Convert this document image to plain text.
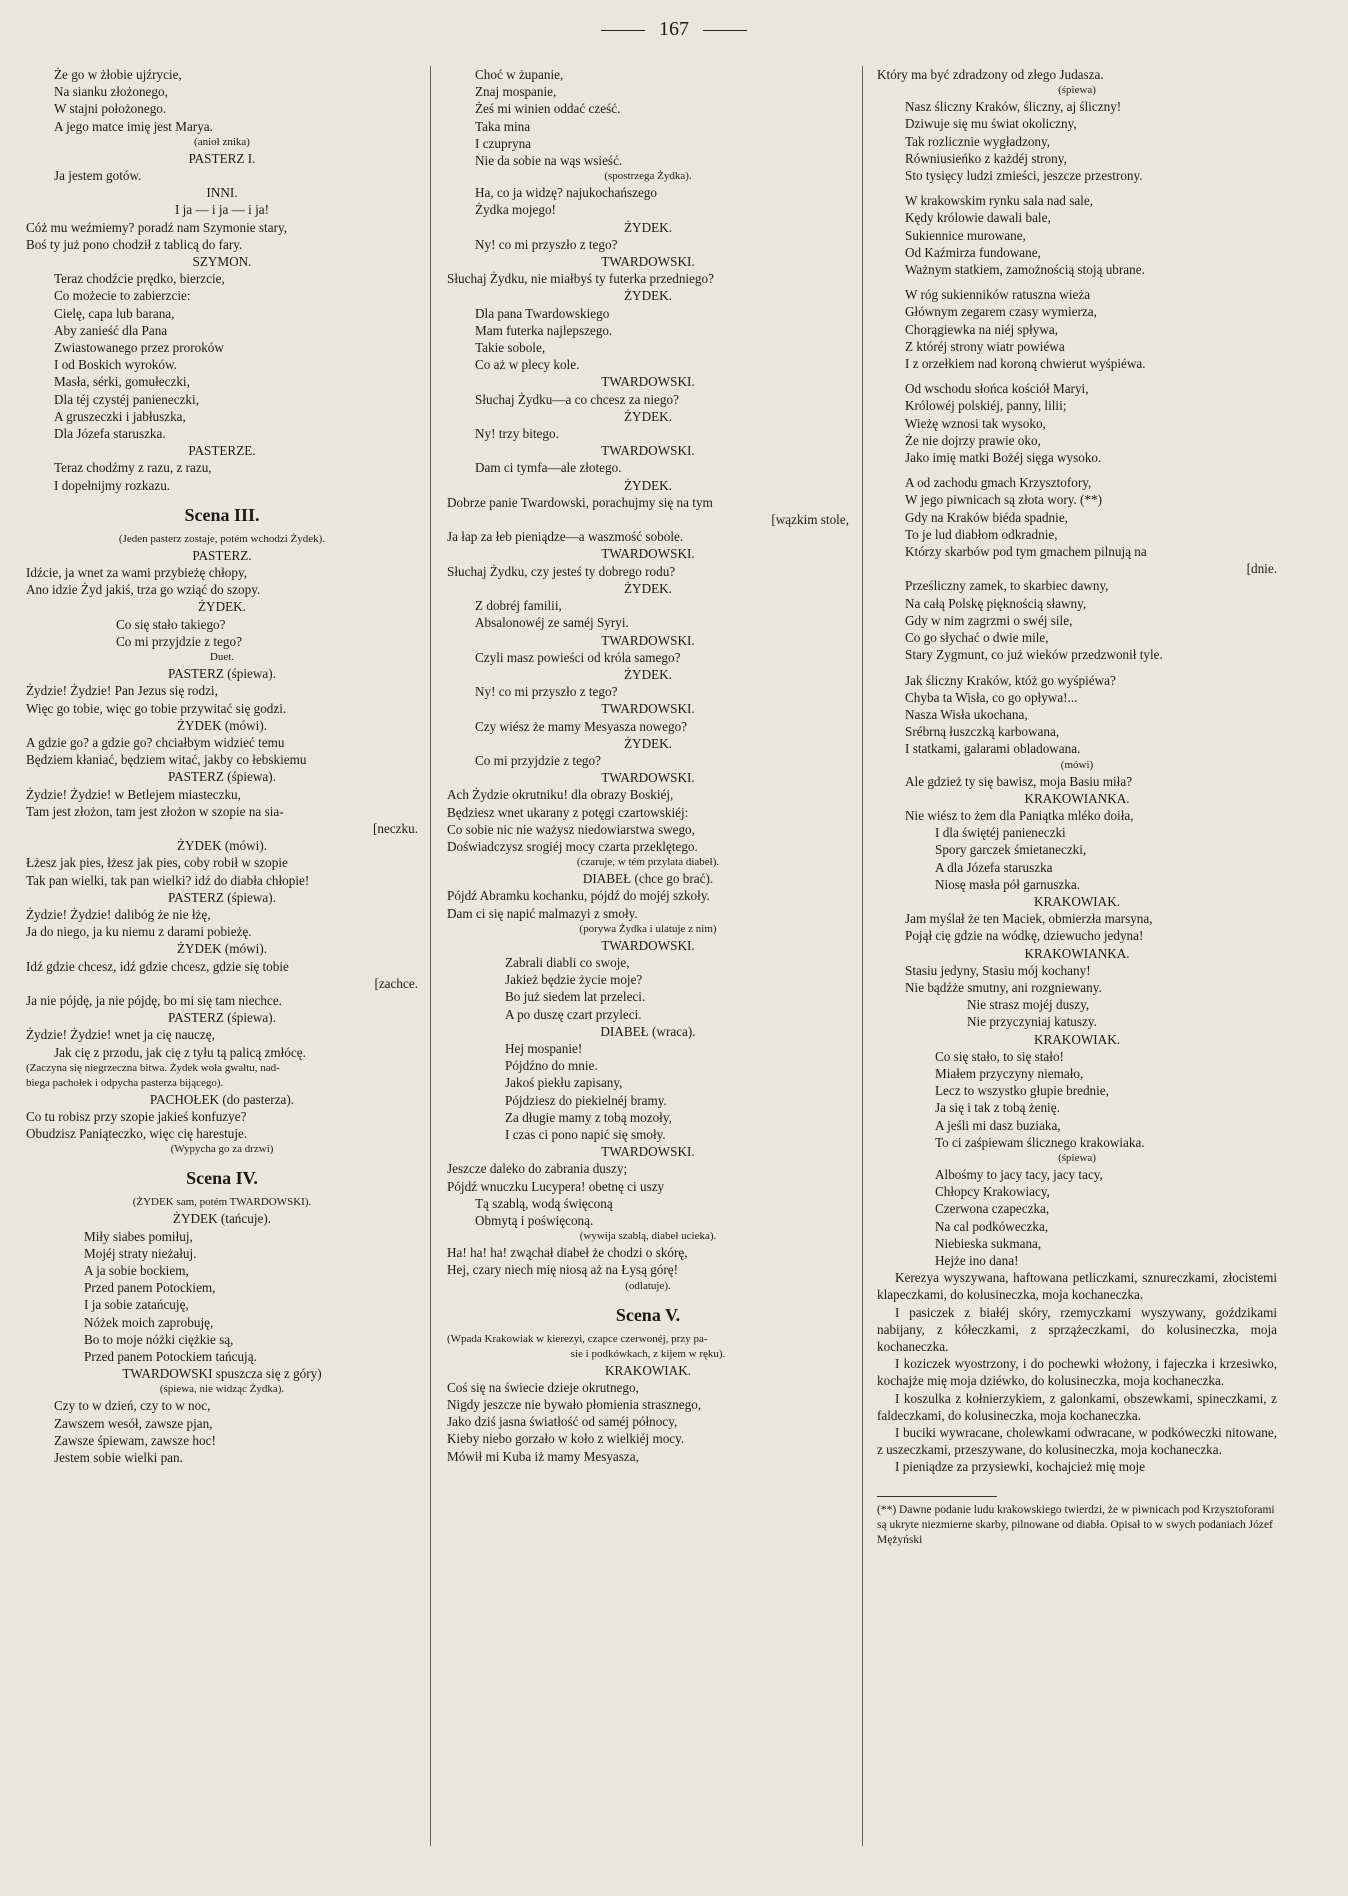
167
Że go w żłobie ujźrycie,
Na sianku złożonego,
W stajni położonego.
A jego matce imię jest Marya.
(anioł znika)
PASTERZ I.
Ja jestem gotów.
INNI.
I ja — i ja — i ja!
Cóż mu weźmiemy? poradź nam Szymonie stary,
Boś ty już pono chodził z tablicą do fary.
SZYMON.
Teraz chodźcie prędko, bierzcie,
Co możecie to zabierzcie:
Cielę, capa lub barana,
Aby zanieść dla Pana
Zwiastowanego przez proroków
I od Boskich wyroków.
Masła, sérki, gomułeczki,
Dla téj czystéj panieneczki,
A gruszeczki i jabłuszka,
Dla Józefa staruszka.
PASTERZE.
Teraz chodźmy z razu, z razu,
I dopełnijmy rozkazu.
Scena III.
(Jeden pasterz zostaje, potém wchodzi Żydek).
PASTERZ.
Idźcie, ja wnet za wami przybieżę chłopy,
Ano idzie Żyd jakiś, trza go wziąć do szopy.
ŻYDEK.
Co się stało takiego?
Co mi przyjdzie z tego?
Duet.
PASTERZ (śpiewa).
Żydzie! Żydzie! Pan Jezus się rodzi,
Więc go tobie, więc go tobie przywitać się godzi.
ŻYDEK (mówi).
A gdzie go? a gdzie go? chciałbym widzieć temu
Będziem kłaniać, będziem witać, jakby co łebskiemu
PASTERZ (śpiewa).
Żydzie! Żydzie! w Betlejem miasteczku,
Tam jest złożon, tam jest złożon w szopie na sia-
[neczku.
ŻYDEK (mówi).
Łżesz jak pies, łżesz jak pies, coby robił w szopie
Tak pan wielki, tak pan wielki? idź do diabła chłopie!
PASTERZ (śpiewa).
Żydzie! Żydzie! dalibóg że nie łżę,
Ja do niego, ja ku niemu z darami pobieżę.
ŻYDEK (mówi).
Idź gdzie chcesz, idź gdzie chcesz, gdzie się tobie
[zachce.
Ja nie pójdę, ja nie pójdę, bo mi się tam niechce.
PASTERZ (śpiewa).
Żydzie! Żydzie! wnet ja cię nauczę,
Jak cię z przodu, jak cię z tyłu tą palicą zmłócę.
(Zaczyna się niegrzeczna bitwa. Żydek woła gwałtu, nad-
biega pachołek i odpycha pasterza bijącego).
PACHOŁEK (do pasterza).
Co tu robisz przy szopie jakieś konfuzye?
Obudzisz Paniąteczko, więc cię harestuje.
(Wypycha go za drzwi)
Scena IV.
(ŻYDEK sam, potém TWARDOWSKI).
ŻYDEK (tańcuje).
Miły siabes pomiłuj,
Mojéj straty nieżałuj.
A ja sobie bockiem,
Przed panem Potockiem,
I ja sobie zatańcuję,
Nóżek moich zaprobuję,
Bo to moje nóżki ciężkie są,
Przed panem Potockiem tańcują.
TWARDOWSKI spuszcza się z góry)
(śpiewa, nie widząc Żydka).
Czy to w dzień, czy to w noc,
Zawszem wesół, zawsze pjan,
Zawsze śpiewam, zawsze hoc!
Jestem sobie wielki pan.
Choć w żupanie,
Znaj mospanie,
Żeś mi winien oddać cześć.
Taka mina
I czupryna
Nie da sobie na wąs wsieść.
(spostrzega Żydka).
Ha, co ja widzę? najukochańszego
Żydka mojego!
ŻYDEK.
Ny! co mi przyszło z tego?
TWARDOWSKI.
Słuchaj Żydku, nie miałbyś ty futerka przedniego?
ŻYDEK.
Dla pana Twardowskiego
Mam futerka najlepszego.
Takie sobole,
Co aż w plecy kole.
TWARDOWSKI.
Słuchaj Żydku—a co chcesz za niego?
ŻYDEK.
Ny! trzy bitego.
TWARDOWSKI.
Dam ci tymfa—ale złotego.
ŻYDEK.
Dobrze panie Twardowski, porachujmy się na tym
[wązkim stole,
Ja łap za łeb pieniądze—a waszmość sobole.
TWARDOWSKI.
Słuchaj Żydku, czy jesteś ty dobrego rodu?
ŻYDEK.
Z dobréj familii,
Absalonowéj ze saméj Syryi.
TWARDOWSKI.
Czyli masz powieści od króla samego?
ŻYDEK.
Ny! co mi przyszło z tego?
TWARDOWSKI.
Czy wiész że mamy Mesyasza nowego?
ŻYDEK.
Co mi przyjdzie z tego?
TWARDOWSKI.
Ach Żydzie okrutniku! dla obrazy Boskiéj,
Będziesz wnet ukarany z potęgi czartowskiéj:
Co sobie nic nie ważysz niedowiarstwa swego,
Doświadczysz srogiéj mocy czarta przeklętego.
(czaruje, w tém przylata diabeł).
DIABEŁ (chce go brać).
Pójdź Abramku kochanku, pójdź do mojéj szkoły.
Dam ci się napić malmazyi z smoły.
(porywa Żydka i ulatuje z nim)
TWARDOWSKI.
Zabrali diabli co swoje,
Jakież będzie życie moje?
Bo już siedem lat przeleci.
A po duszę czart przyleci.
DIABEŁ (wraca).
Hej mospanie!
Pójdźno do mnie.
Jakoś piekłu zapisany,
Pójdziesz do piekielnéj bramy.
Za długie mamy z tobą mozoły,
I czas ci pono napić się smoły.
TWARDOWSKI.
Jeszcze daleko do zabrania duszy;
Pójdź wnuczku Lucypera! obetnę ci uszy
Tą szablą, wodą święconą
Obmytą i poświęconą.
(wywija szablą, diabeł ucieka).
Ha! ha! ha! zwąchał diabeł że chodzi o skórę,
Hej, czary niech mię niosą aż na Łysą górę!
(odlatuje).
Scena V.
(Wpada Krakowiak w kierezyi, czapce czerwonéj, przy pa-
sie i podkówkach, z kijem w ręku).
KRAKOWIAK.
Coś się na świecie dzieje okrutnego,
Nigdy jeszcze nie bywało płomienia strasznego,
Jako dziś jasna światłość od saméj północy,
Kieby niebo gorzało w koło z wielkiéj mocy.
Mówił mi Kuba iż mamy Mesyasza,
Który ma być zdradzony od złego Judasza.
(śpiewa)
Nasz śliczny Kraków, śliczny, aj śliczny!
Dziwuje się mu świat okoliczny,
Tak rozlicznie wygładzony,
Równiusieńko z każdéj strony,
Sto tysięcy ludzi zmieści, jeszcze przestrony.
W krakowskim rynku sala nad sale,
Kędy królowie dawali bale,
Sukiennice murowane,
Od Kaźmirza fundowane,
Ważnym statkiem, zamożnością stoją ubrane.
W róg sukienników ratuszna wieża
Głównym zegarem czasy wymierza,
Chorągiewka na niéj spływa,
Z któréj strony wiatr powiéwa
I z orzełkiem nad koroną chwierut wyśpiéwa.
Od wschodu słońca kościół Maryi,
Królowéj polskiéj, panny, lilii;
Wieżę wznosi tak wysoko,
Że nie dojrzy prawie oko,
Jako imię matki Bożéj sięga wysoko.
A od zachodu gmach Krzysztofory,
W jego piwnicach są złota wory. (**)
Gdy na Kraków biéda spadnie,
To je lud diabłom odkradnie,
Którzy skarbów pod tym gmachem pilnują na
[dnie.
Prześliczny zamek, to skarbiec dawny,
Na całą Polskę pięknością sławny,
Gdy w nim zagrzmi o swéj sile,
Co go słychać o dwie mile,
Stary Zygmunt, co już wieków przedzwonił tyle.
Jak śliczny Kraków, któż go wyśpiéwa?
Chyba ta Wisła, co go opływa!...
Nasza Wisła ukochana,
Srébrną łuszczką karbowana,
I statkami, galarami obladowana.
(mówi)
Ale gdzież ty się bawisz, moja Basiu miła?
KRAKOWIANKA.
Nie wiész to żem dla Paniątka mléko doiła,
I dla świętéj panieneczki
Spory garczek śmietaneczki,
A dla Józefa staruszka
Niosę masła pół garnuszka.
KRAKOWIAK.
Jam myślał że ten Maciek, obmierzła marsyna,
Pojął cię gdzie na wódkę, dziewucho jedyna!
KRAKOWIANKA.
Stasiu jedyny, Stasiu mój kochany!
Nie bądźże smutny, ani rozgniewany.
Nie strasz mojéj duszy,
Nie przyczyniaj katuszy.
KRAKOWIAK.
Co się stało, to się stało!
Miałem przyczyny niemało,
Lecz to wszystko głupie brednie,
Ja się i tak z tobą żenię.
A jeśli mi dasz buziaka,
To ci zaśpiewam ślicznego krakowiaka.
(śpiewa)
Albośmy to jacy tacy, jacy tacy,
Chłopcy Krakowiacy,
Czerwona czapeczka,
Na cal podkóweczka,
Niebieska sukmana,
Hejże ino dana!
Kerezya wyszywana, haftowana petliczkami, sznureczkami, złocistemi klapeczkami, do kolusineczka, moja kochaneczka.
I pasiczek z białéj skóry, rzemyczkami wyszywany, goździkami nabijany, z kółeczkami, z sprzążeczkami, do kolusineczka, moja kochaneczka.
I koziczek wyostrzony, i do pochewki włożony, i fajeczka i krzesiwko, kochajże mię moja dziéwko, do kolusineczka, moja kochaneczka.
I koszulka z kołnierzykiem, z galonkami, obszewkami, spineczkami, z faldeczkami, do kolusineczka, moja kochaneczka.
I buciki wywracane, cholewkami odwracane, w podkóweczki nitowane, z uszeczkami, przeszywane, do kolusineczka, moja kochaneczka.
I pieniądze za przysiewki, kochajcież mię moje
(**) Dawne podanie ludu krakowskiego twierdzi, że w piwnicach pod Krzysztoforami są ukryte niezmierne skarby, pilnowane od diabła. Opisał to w swych podaniach Józef Mężyński
